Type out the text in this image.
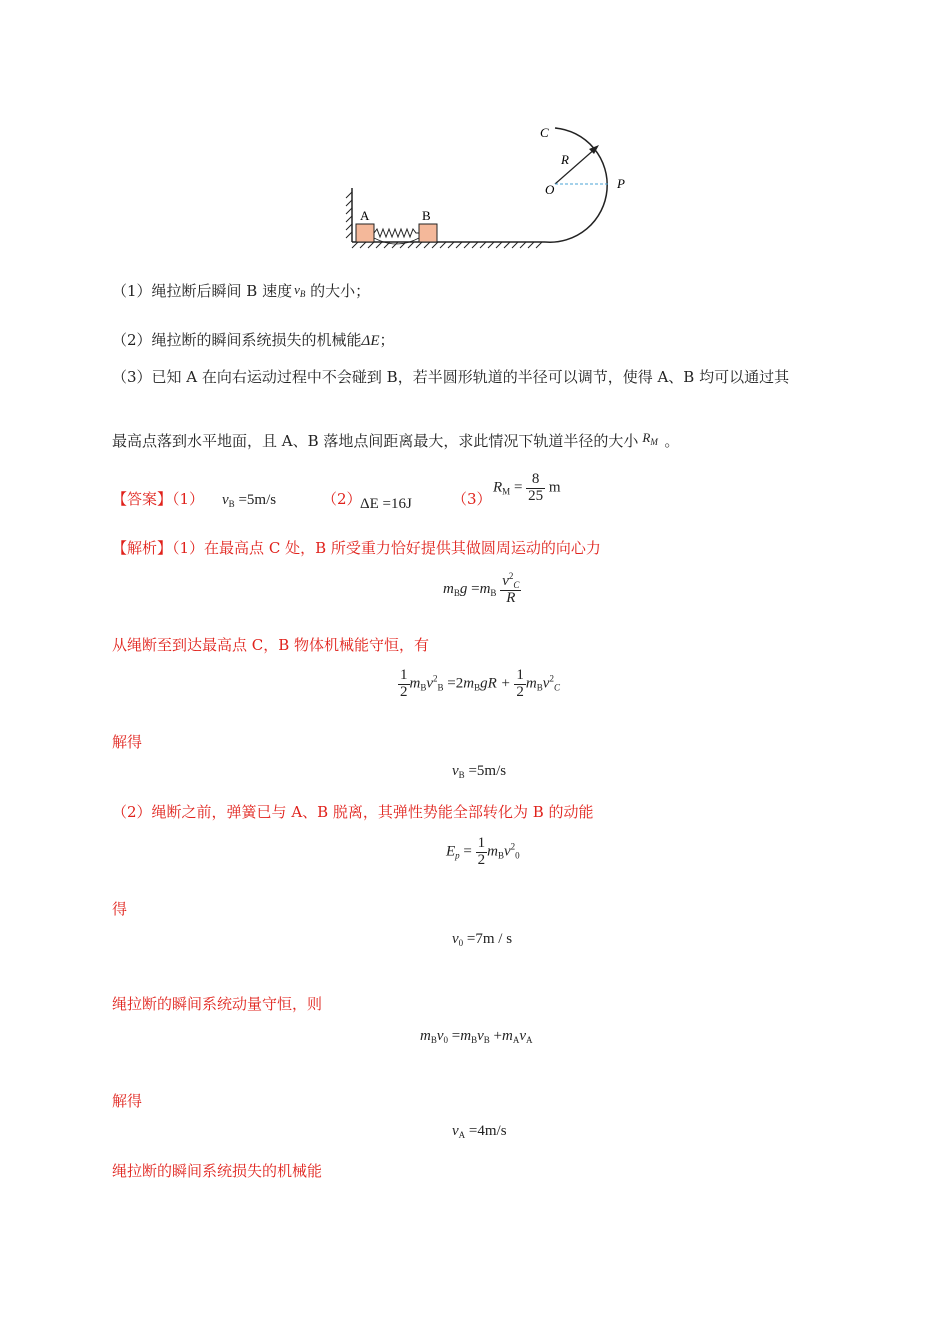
A	B
C
R
O	P
（1）绳拉断后瞬间 B 速度 $v_B$ 的大小；
（2）绳拉断的瞬间系统损失的机械能ΔE；
（3）已知 A 在向右运动过程中不会碰到 B，若半圆形轨道的半径可以调节，使得 A、B 均可以通过其
最高点落到水平地面，且 A、B 落地点间距离最大，求此情况下轨道半径的大小 $R_M$ 。
【答案】（1） $v_B =5m/s$	（2）
ΔE =16J	（3）
$R_M = \frac{8}{25}$ m
【解析】（1）在最高点 C 处，B 所受重力恰好提供其做圆周运动的向心力
$m_Bg =m_B \frac{v^2_C}{R}$
从绳断至到达最高点 C，B 物体机械能守恒，有
$\frac{1}{2} m_Bv^2_B =2m_BgR + \frac{1}{2} m_Bv^2_C$
解得
$v_B =5m/s$
（2）绳断之前，弹簧已与 A、B 脱离，其弹性势能全部转化为 B 的动能
$E_p = \frac{1}{2} m_Bv^2_0$
得
$v_0 =7m / s$
绳拉断的瞬间系统动量守恒，则
$m_Bv_0 =m_Bv_B +m_Av_A$
解得
$v_A =4m/s$
绳拉断的瞬间系统损失的机械能
